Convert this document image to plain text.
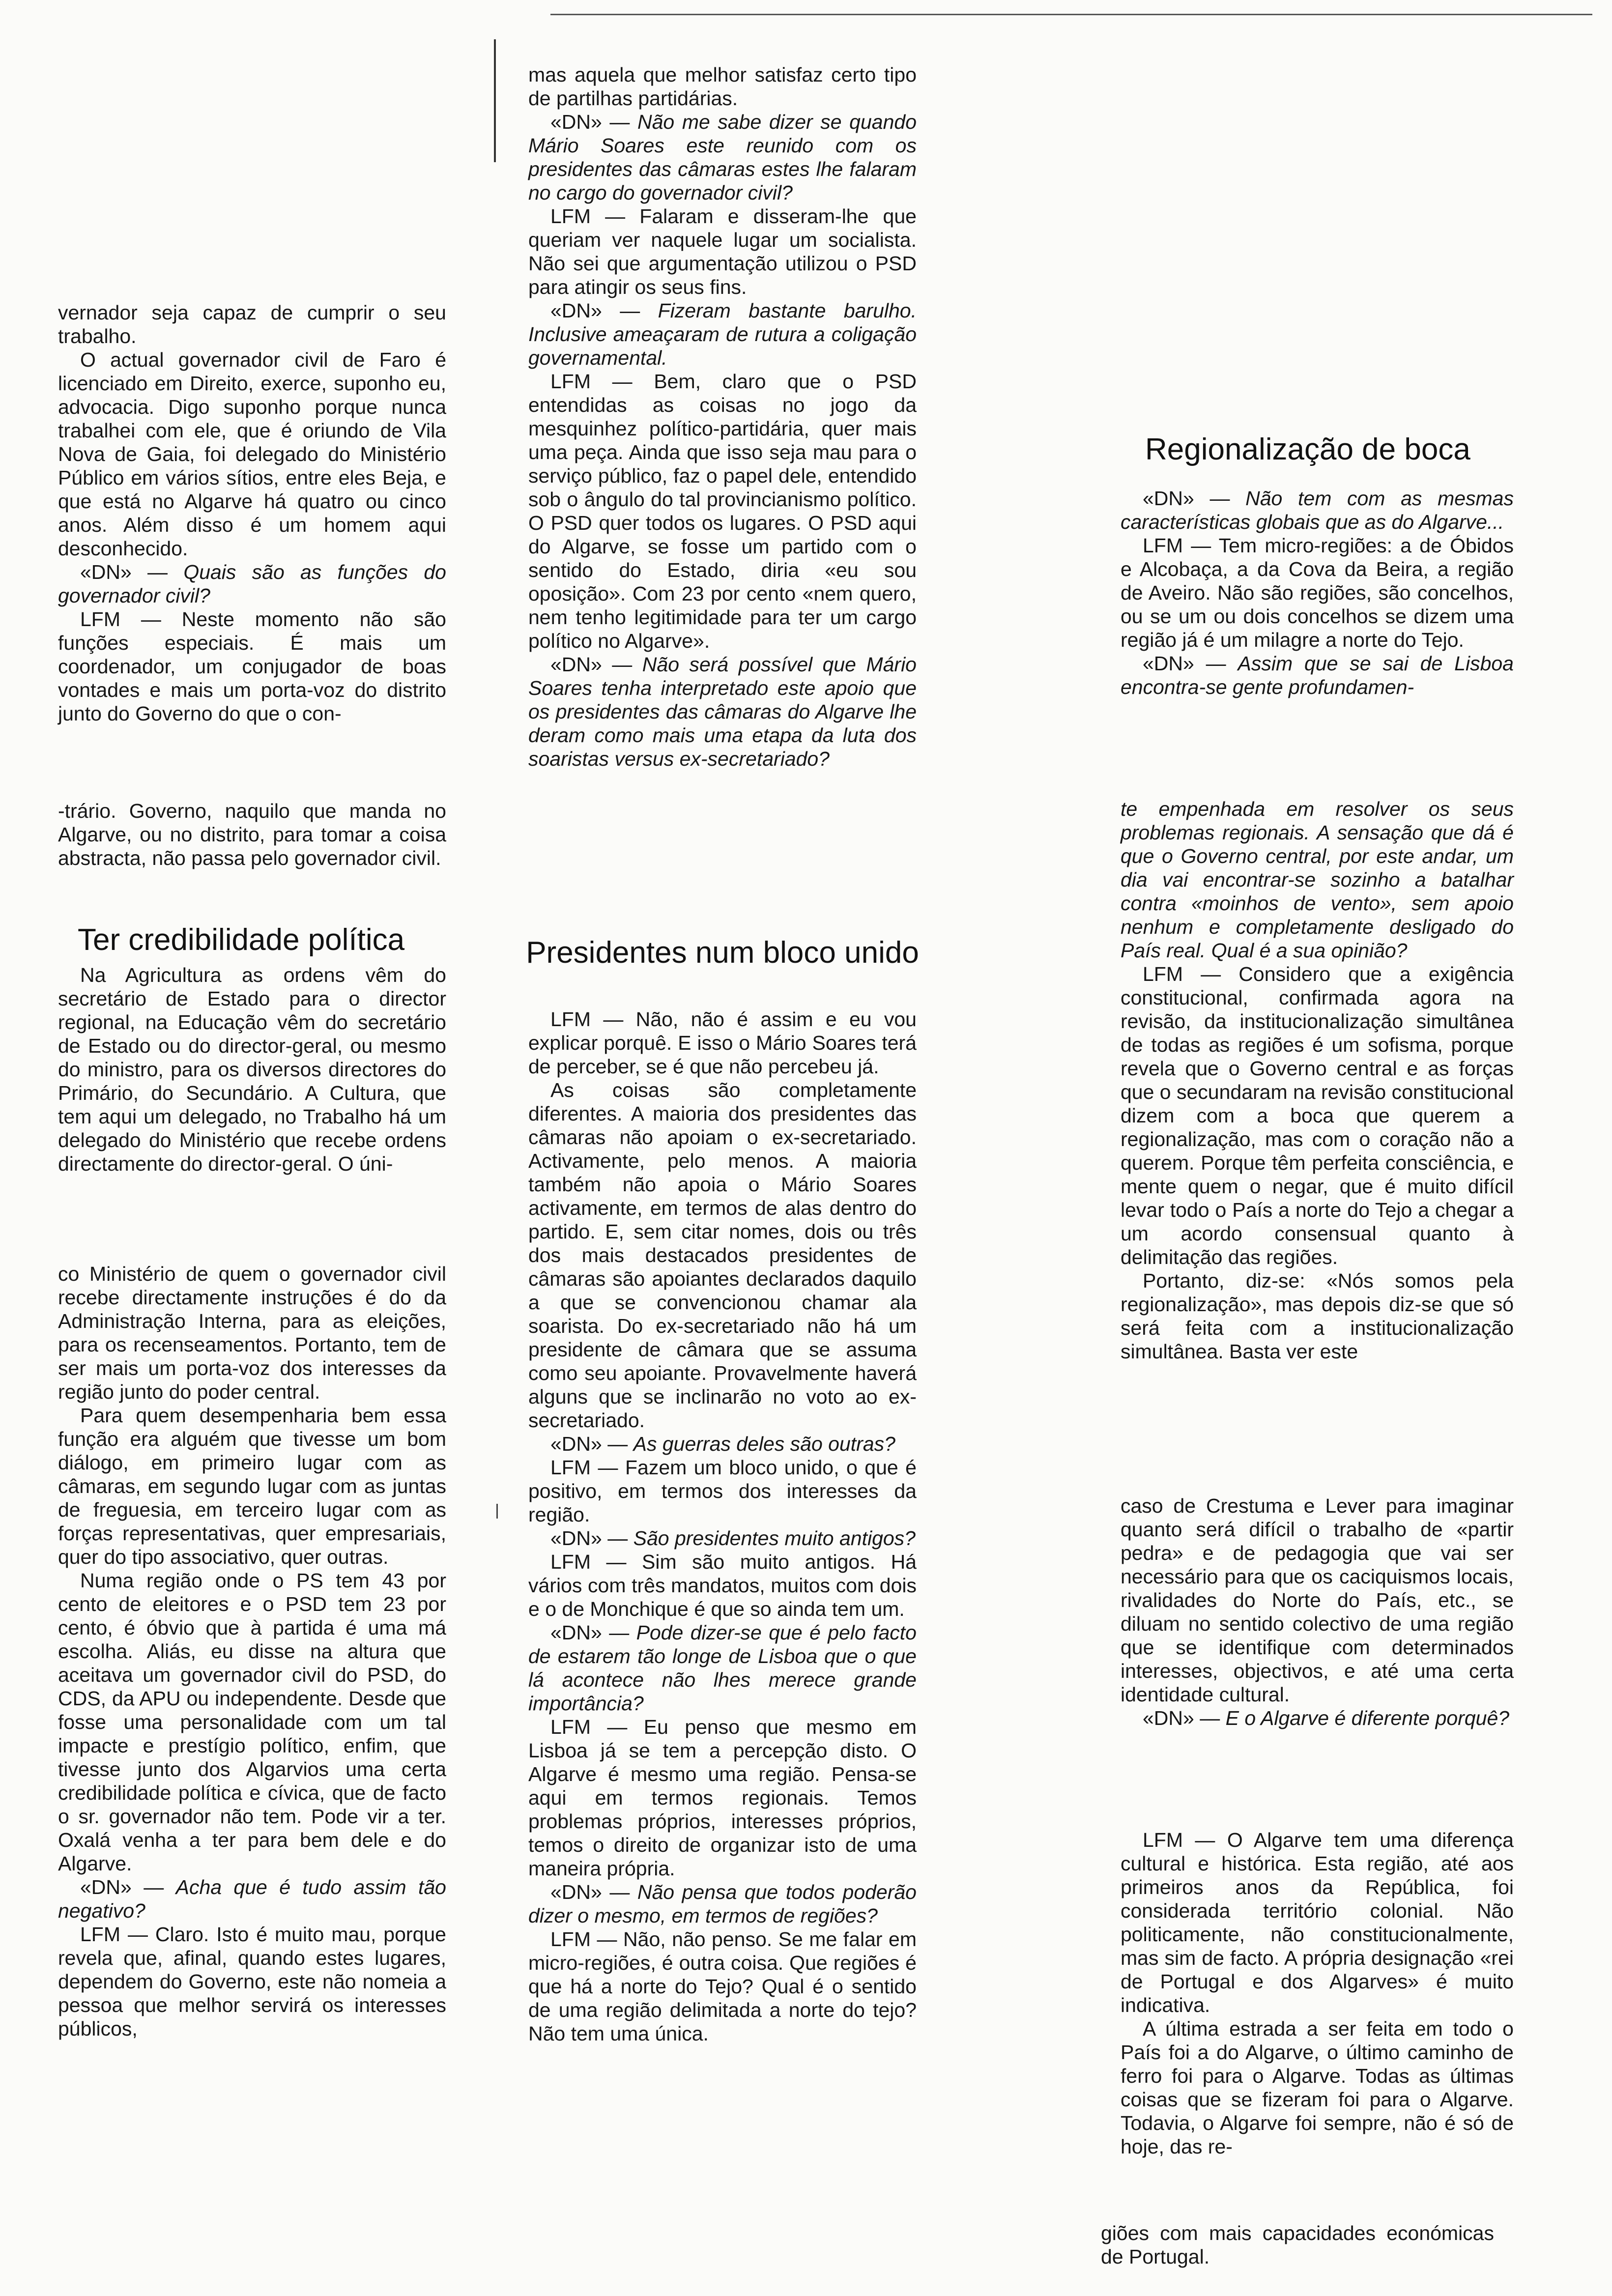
vernador seja capaz de cumprir o seu trabalho.

O actual governador civil de Faro é licenciado em Direito, exerce, suponho eu, advocacia. Digo suponho porque nunca trabalhei com ele, que é oriundo de Vila Nova de Gaia, foi delegado do Ministério Público em vários sítios, entre eles Beja, e que está no Algarve há quatro ou cinco anos. Além disso é um homem aqui desconhecido.

«DN» — Quais são as funções do governador civil?

LFM — Neste momento não são funções especiais. É mais um coordenador, um conjugador de boas vontades e mais um porta-voz do distrito junto do Governo do que o con-

-trário. Governo, naquilo que manda no Algarve, ou no distrito, para tomar a coisa abstracta, não passa pelo governador civil.

Ter credibilidade política

Na Agricultura as ordens vêm do secretário de Estado para o director regional, na Educação vêm do secretário de Estado ou do director-geral, ou mesmo do ministro, para os diversos directores do Primário, do Secundário. A Cultura, que tem aqui um delegado, no Trabalho há um delegado do Ministério que recebe ordens directamente do director-geral. O úni-

co Ministério de quem o governador civil recebe directamente instruções é do da Administração Interna, para as eleições, para os recenseamentos. Portanto, tem de ser mais um porta-voz dos interesses da região junto do poder central.

Para quem desempenharia bem essa função era alguém que tivesse um bom diálogo, em primeiro lugar com as câmaras, em segundo lugar com as juntas de freguesia, em terceiro lugar com as forças representativas, quer empresariais, quer do tipo associativo, quer outras.

Numa região onde o PS tem 43 por cento de eleitores e o PSD tem 23 por cento, é óbvio que à partida é uma má escolha. Aliás, eu disse na altura que aceitava um governador civil do PSD, do CDS, da APU ou independente. Desde que fosse uma personalidade com um tal impacte e prestígio político, enfim, que tivesse junto dos Algarvios uma certa credibilidade política e cívica, que de facto o sr. governador não tem. Pode vir a ter. Oxalá venha a ter para bem dele e do Algarve.

«DN» — Acha que é tudo assim tão negativo?

LFM — Claro. Isto é muito mau, porque revela que, afinal, quando estes lugares, dependem do Governo, este não nomeia a pessoa que melhor servirá os interesses públicos,

mas aquela que melhor satisfaz certo tipo de partilhas partidárias.

«DN» — Não me sabe dizer se quando Mário Soares este reunido com os presidentes das câmaras estes lhe falaram no cargo do governador civil?

LFM — Falaram e disseram-lhe que queriam ver naquele lugar um socialista. Não sei que argumentação utilizou o PSD para atingir os seus fins.

«DN» — Fizeram bastante barulho. Inclusive ameaçaram de rutura a coligação governamental.

LFM — Bem, claro que o PSD entendidas as coisas no jogo da mesquinhez político-partidária, quer mais uma peça. Ainda que isso seja mau para o serviço público, faz o papel dele, entendido sob o ângulo do tal provincianismo político. O PSD quer todos os lugares. O PSD aqui do Algarve, se fosse um partido com o sentido do Estado, diria «eu sou oposição». Com 23 por cento «nem quero, nem tenho legitimidade para ter um cargo político no Algarve».

«DN» — Não será possível que Mário Soares tenha interpretado este apoio que os presidentes das câmaras do Algarve lhe deram como mais uma etapa da luta dos soaristas versus ex-secretariado?

Presidentes num bloco unido

LFM — Não, não é assim e eu vou explicar porquê. E isso o Mário Soares terá de perceber, se é que não percebeu já.

As coisas são completamente diferentes. A maioria dos presidentes das câmaras não apoiam o ex-secretariado. Activamente, pelo menos. A maioria também não apoia o Mário Soares activamente, em termos de alas dentro do partido. E, sem citar nomes, dois ou três dos mais destacados presidentes de câmaras são apoiantes declarados daquilo a que se convencionou chamar ala soarista. Do ex-secretariado não há um presidente de câmara que se assuma como seu apoiante. Provavelmente haverá alguns que se inclinarão no voto ao ex-secretariado.

«DN» — As guerras deles são outras?

LFM — Fazem um bloco unido, o que é positivo, em termos dos interesses da região.

«DN» — São presidentes muito antigos?

LFM — Sim são muito antigos. Há vários com três mandatos, muitos com dois e o de Monchique é que so ainda tem um.

«DN» — Pode dizer-se que é pelo facto de estarem tão longe de Lisboa que o que lá acontece não lhes merece grande importância?

LFM — Eu penso que mesmo em Lisboa já se tem a percepção disto. O Algarve é mesmo uma região. Pensa-se aqui em termos regionais. Temos problemas próprios, interesses próprios, temos o direito de organizar isto de uma maneira própria.

«DN» — Não pensa que todos poderão dizer o mesmo, em termos de regiões?

LFM — Não, não penso. Se me falar em micro-regiões, é outra coisa. Que regiões é que há a norte do Tejo? Qual é o sentido de uma região delimitada a norte do tejo? Não tem uma única.

Regionalização de boca

«DN» — Não tem com as mesmas características globais que as do Algarve...

LFM — Tem micro-regiões: a de Óbidos e Alcobaça, a da Cova da Beira, a região de Aveiro. Não são regiões, são concelhos, ou se um ou dois concelhos se dizem uma região já é um milagre a norte do Tejo.

«DN» — Assim que se sai de Lisboa encontra-se gente profundamen-

te empenhada em resolver os seus problemas regionais. A sensação que dá é que o Governo central, por este andar, um dia vai encontrar-se sozinho a batalhar contra «moinhos de vento», sem apoio nenhum e completamente desligado do País real. Qual é a sua opinião?

LFM — Considero que a exigência constitucional, confirmada agora na revisão, da institucionalização simultânea de todas as regiões é um sofisma, porque revela que o Governo central e as forças que o secundaram na revisão constitucional dizem com a boca que querem a regionalização, mas com o coração não a querem. Porque têm perfeita consciência, e mente quem o negar, que é muito difícil levar todo o País a norte do Tejo a chegar a um acordo consensual quanto à delimitação das regiões.

Portanto, diz-se: «Nós somos pela regionalização», mas depois diz-se que só será feita com a institucionalização simultânea. Basta ver este

caso de Crestuma e Lever para imaginar quanto será difícil o trabalho de «partir pedra» e de pedagogia que vai ser necessário para que os caciquismos locais, rivalidades do Norte do País, etc., se diluam no sentido colectivo de uma região que se identifique com determinados interesses, objectivos, e até uma certa identidade cultural.

«DN» — E o Algarve é diferente porquê?

LFM — O Algarve tem uma diferença cultural e histórica. Esta região, até aos primeiros anos da República, foi considerada território colonial. Não politicamente, não constitucionalmente, mas sim de facto. A própria designação «rei de Portugal e dos Algarves» é muito indicativa.

A última estrada a ser feita em todo o País foi a do Algarve, o último caminho de ferro foi para o Algarve. Todas as últimas coisas que se fizeram foi para o Algarve. Todavia, o Algarve foi sempre, não é só de hoje, das re-

giões com mais capacidades económicas de Portugal.
